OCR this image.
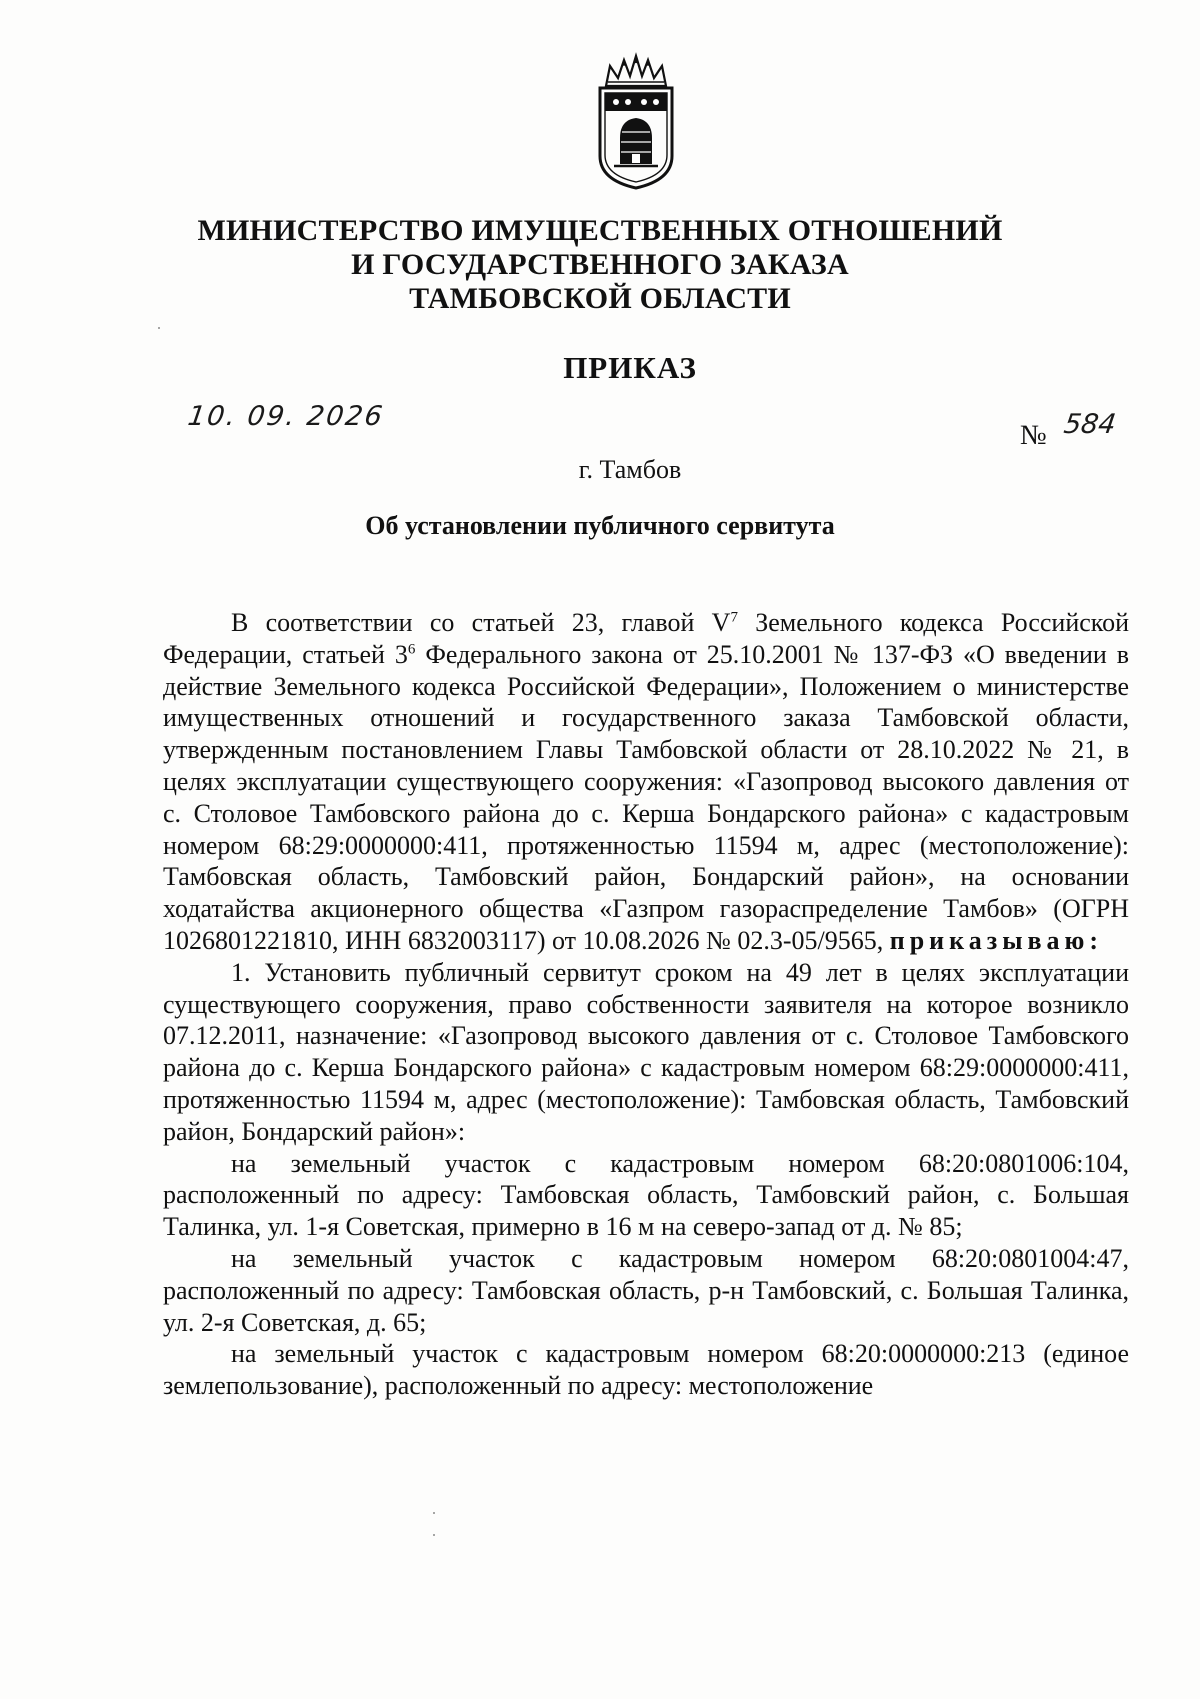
МИНИСТЕРСТВО ИМУЩЕСТВЕННЫХ ОТНОШЕНИЙ
И ГОСУДАРСТВЕННОГО ЗАКАЗА
ТАМБОВСКОЙ ОБЛАСТИ
ПРИКАЗ
10. 09. 2026
№ 584
г. Тамбов
Об установлении публичного сервитута

В соответствии со статьей 23, главой $V^7$ Земельного кодекса Российской Федерации, статьей $3^6$ Федерального закона от 25.10.2001 № 137-ФЗ «О введении в действие Земельного кодекса Российской Федерации», Положением о министерстве имущественных отношений и государственного заказа Тамбовской области, утвержденным постановлением Главы Тамбовской области от 28.10.2022 № 21, в целях эксплуатации существующего сооружения: «Газопровод высокого давления от с. Столовое Тамбовского района до с. Керша Бондарского района» с кадастровым номером 68:29:0000000:411, протяженностью 11594 м, адрес (местоположение): Тамбовская область, Тамбовский район, Бондарский район», на основании ходатайства акционерного общества «Газпром газораспределение Тамбов» (ОГРН 1026801221810, ИНН 6832003117) от 10.08.2026 № 02.3-05/9565, приказываю:

1. Установить публичный сервитут сроком на 49 лет в целях эксплуатации существующего сооружения, право собственности заявителя на которое возникло 07.12.2011, назначение: «Газопровод высокого давления от с. Столовое Тамбовского района до с. Керша Бондарского района» с кадастровым номером 68:29:0000000:411, протяженностью 11594 м, адрес (местоположение): Тамбовская область, Тамбовский район, Бондарский район»:

на земельный участок с кадастровым номером 68:20:0801006:104, расположенный по адресу: Тамбовская область, Тамбовский район, с. Большая Талинка, ул. 1-я Советская, примерно в 16 м на северо-запад от д. № 85;

на земельный участок с кадастровым номером 68:20:0801004:47, расположенный по адресу: Тамбовская область, р-н Тамбовский, с. Большая Талинка, ул. 2-я Советская, д. 65;

на земельный участок с кадастровым номером 68:20:0000000:213 (единое землепользование), расположенный по адресу: местоположение
